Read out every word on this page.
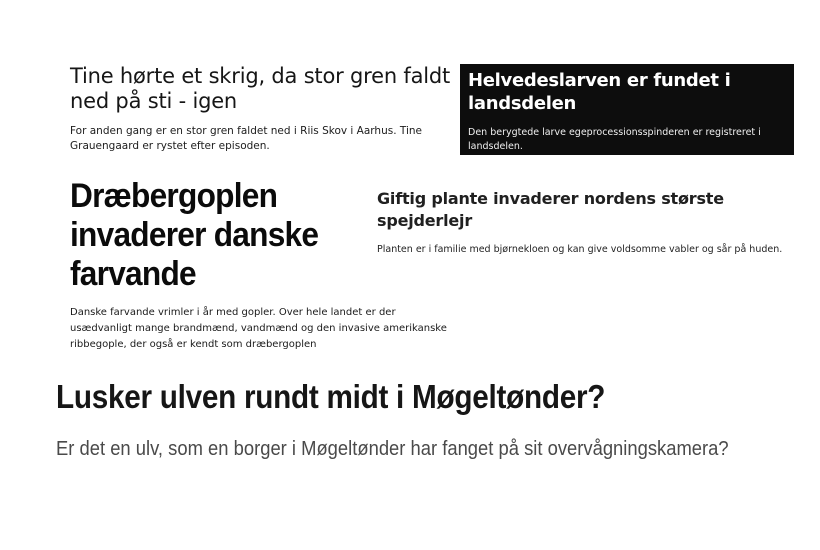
Tine hørte et skrig, da stor gren faldt ned på sti - igen

For anden gang er en stor gren faldet ned i Riis Skov i Aarhus. Tine Grauengaard er rystet efter episoden.

Helvedeslarven er fundet i landsdelen

Den berygtede larve egeprocessionsspinderen er registreret i landsdelen.

Dræbergoplen invaderer danske farvande

Danske farvande vrimler i år med gopler. Over hele landet er der usædvanligt mange brandmænd, vandmænd og den invasive amerikanske ribbegople, der også er kendt som dræbergoplen

Giftig plante invaderer nordens største spejderlejr

Planten er i familie med bjørnekloen og kan give voldsomme vabler og sår på huden.

Lusker ulven rundt midt i Møgeltønder?

Er det en ulv, som en borger i Møgeltønder har fanget på sit overvågningskamera?
